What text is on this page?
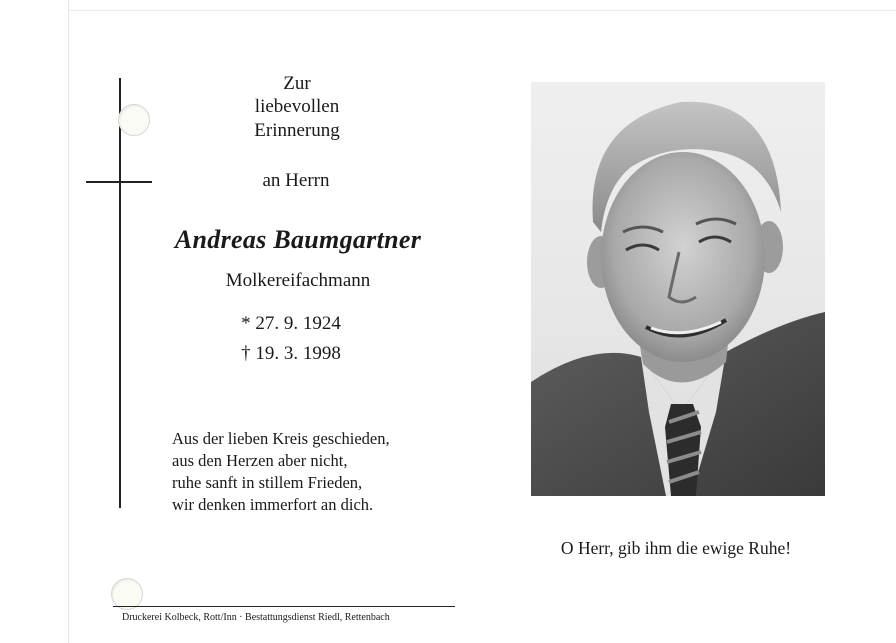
Zur
liebevollen
Erinnerung
an Herrn
Andreas Baumgartner
Molkereifachmann
* 27. 9. 1924
† 19. 3. 1998
Aus der lieben Kreis geschieden,
aus den Herzen aber nicht,
ruhe sanft in stillem Frieden,
wir denken immerfort an dich.
O Herr, gib ihm die ewige Ruhe!
Druckerei Kolbeck, Rott/Inn · Bestattungsdienst Riedl, Rettenbach
